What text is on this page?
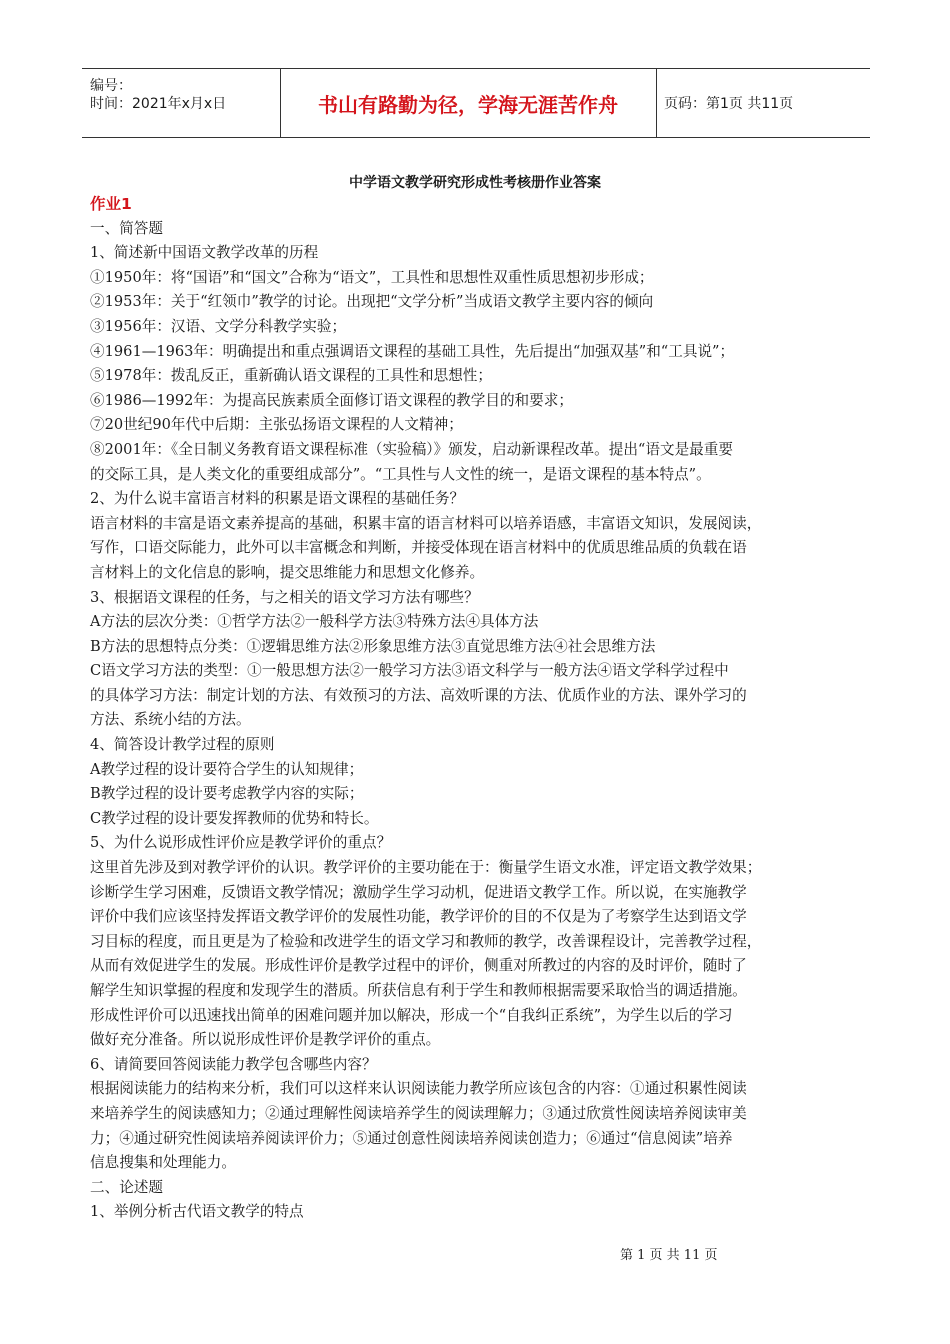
编号：
时间：2021年x月x日	书山有路勤为径，学海无涯苦作舟	页码：第1页 共11页
中学语文教学研究形成性考核册作业答案
作业1
一、简答题
1、简述新中国语文教学改革的历程
①1950年：将“国语”和“国文”合称为“语文”，工具性和思想性双重性质思想初步形成；
②1953年：关于“红领巾”教学的讨论。出现把“文学分析”当成语文教学主要内容的倾向
③1956年：汉语、文学分科教学实验；
④1961—1963年：明确提出和重点强调语文课程的基础工具性，先后提出“加强双基”和“工具说”；
⑤1978年：拨乱反正，重新确认语文课程的工具性和思想性；
⑥1986—1992年：为提高民族素质全面修订语文课程的教学目的和要求；
⑦20世纪90年代中后期：主张弘扬语文课程的人文精神；
⑧2001年：《全日制义务教育语文课程标准（实验稿）》颁发，启动新课程改革。提出“语文是最重要
的交际工具，是人类文化的重要组成部分”。“工具性与人文性的统一，是语文课程的基本特点”。
2、为什么说丰富语言材料的积累是语文课程的基础任务？
语言材料的丰富是语文素养提高的基础，积累丰富的语言材料可以培养语感，丰富语文知识，发展阅读，
写作，口语交际能力，此外可以丰富概念和判断，并接受体现在语言材料中的优质思维品质的负载在语
言材料上的文化信息的影响，提交思维能力和思想文化修养。
3、根据语文课程的任务，与之相关的语文学习方法有哪些？
A方法的层次分类：①哲学方法②一般科学方法③特殊方法④具体方法
B方法的思想特点分类：①逻辑思维方法②形象思维方法③直觉思维方法④社会思维方法
C语文学习方法的类型：①一般思想方法②一般学习方法③语文科学与一般方法④语文学科学过程中
的具体学习方法：制定计划的方法、有效预习的方法、高效听课的方法、优质作业的方法、课外学习的
方法、系统小结的方法。
4、简答设计教学过程的原则
A教学过程的设计要符合学生的认知规律；
B教学过程的设计要考虑教学内容的实际；
C教学过程的设计要发挥教师的优势和特长。
5、为什么说形成性评价应是教学评价的重点？
这里首先涉及到对教学评价的认识。教学评价的主要功能在于：衡量学生语文水准，评定语文教学效果；
诊断学生学习困难，反馈语文教学情况；激励学生学习动机，促进语文教学工作。所以说，在实施教学
评价中我们应该坚持发挥语文教学评价的发展性功能，教学评价的目的不仅是为了考察学生达到语文学
习目标的程度，而且更是为了检验和改进学生的语文学习和教师的教学，改善课程设计，完善教学过程，
从而有效促进学生的发展。形成性评价是教学过程中的评价，侧重对所教过的内容的及时评价，随时了
解学生知识掌握的程度和发现学生的潜质。所获信息有利于学生和教师根据需要采取恰当的调适措施。
形成性评价可以迅速找出简单的困难问题并加以解决，形成一个“自我纠正系统”，为学生以后的学习
做好充分准备。所以说形成性评价是教学评价的重点。
6、请简要回答阅读能力教学包含哪些内容？
根据阅读能力的结构来分析，我们可以这样来认识阅读能力教学所应该包含的内容：①通过积累性阅读
来培养学生的阅读感知力；②通过理解性阅读培养学生的阅读理解力；③通过欣赏性阅读培养阅读审美
力；④通过研究性阅读培养阅读评价力；⑤通过创意性阅读培养阅读创造力；⑥通过“信息阅读”培养
信息搜集和处理能力。
二、论述题
1、举例分析古代语文教学的特点
第 1 页 共 11 页
